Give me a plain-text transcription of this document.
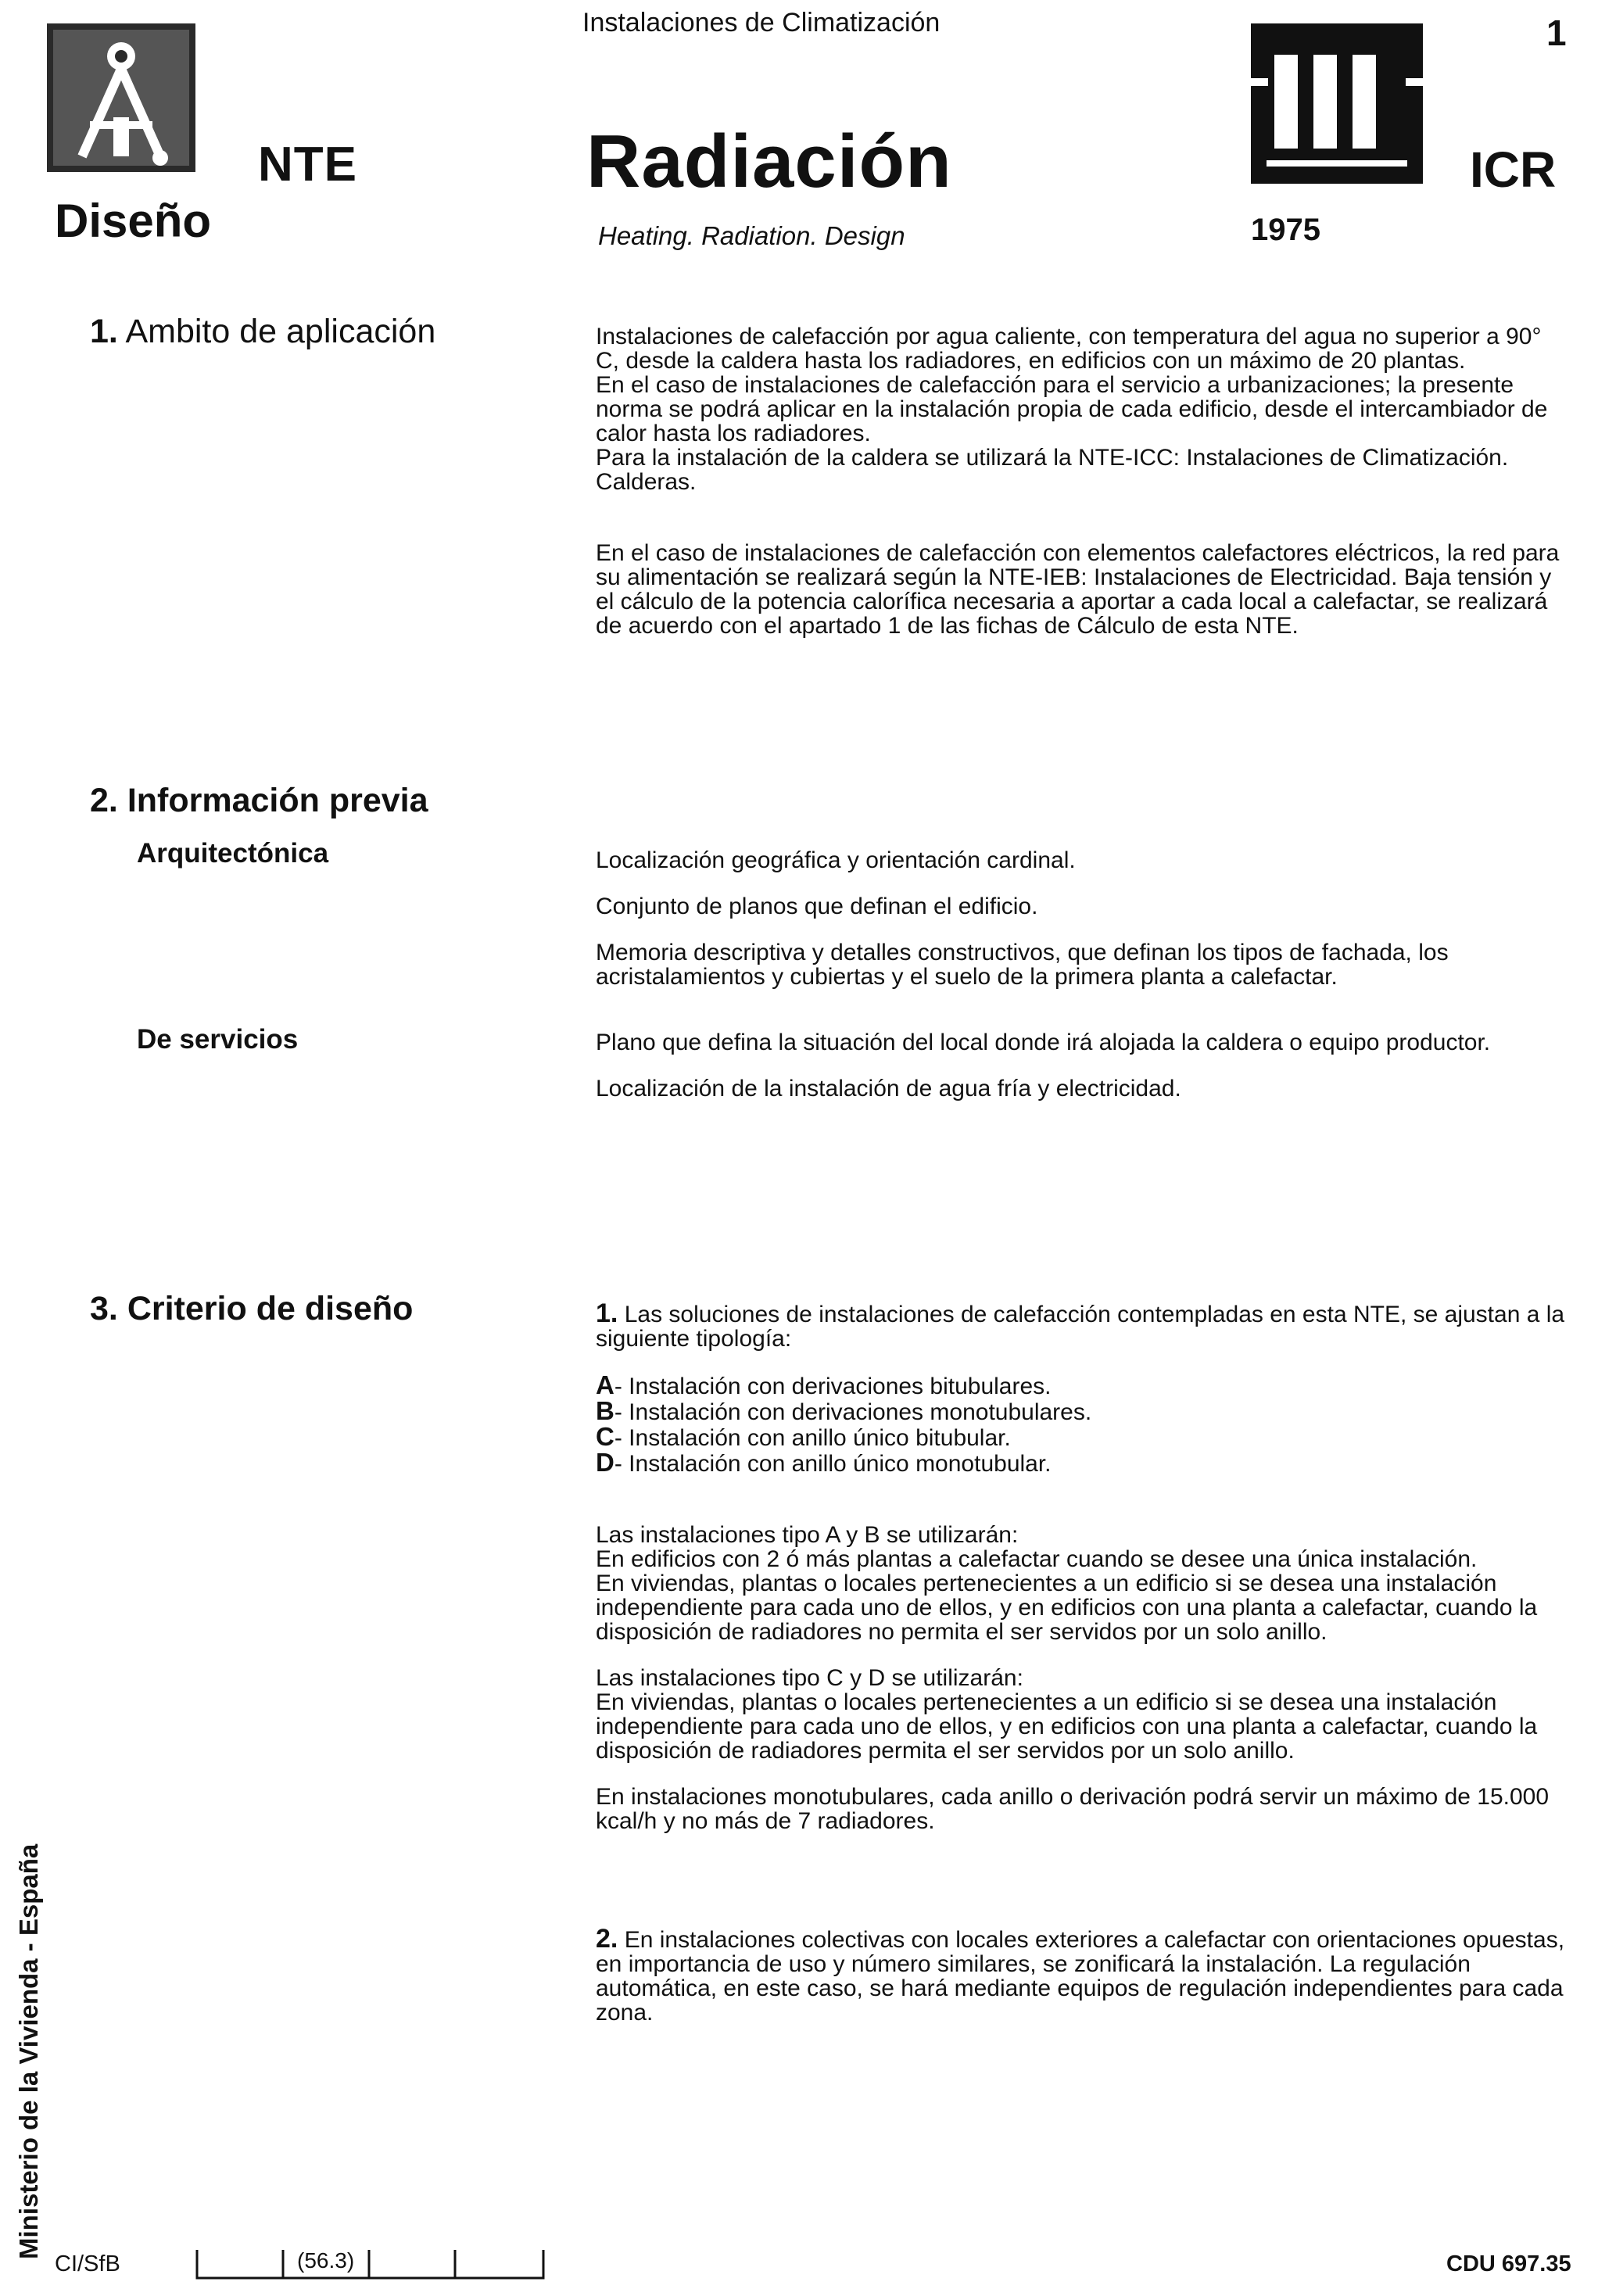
NTE
Diseño
Instalaciones de Climatización
Radiación
Heating. Radiation. Design
1
ICR
1975
1. Ambito de aplicación	Instalaciones de calefacción por agua caliente, con temperatura del agua no superior a 90° C, desde la caldera hasta los radiadores, en edificios con un máximo de 20 plantas.

En el caso de instalaciones de calefacción para el servicio a urbanizaciones; la presente norma se podrá aplicar en la instalación propia de cada edificio, desde el intercambiador de calor hasta los radiadores.

Para la instalación de la caldera se utilizará la NTE-ICC: Instalaciones de Climatización. Calderas.

En el caso de instalaciones de calefacción con elementos calefactores eléctricos, la red para su alimentación se realizará según la NTE-IEB: Instalaciones de Electricidad. Baja tensión y el cálculo de la potencia calorífica necesaria a aportar a cada local a calefactar, se realizará de acuerdo con el apartado 1 de las fichas de Cálculo de esta NTE.

2. Información previa
Arquitectónica	Localización geográfica y orientación cardinal.

Conjunto de planos que definan el edificio.

Memoria descriptiva y detalles constructivos, que definan los tipos de fachada, los acristalamientos y cubiertas y el suelo de la primera planta a calefactar.

De servicios	Plano que defina la situación del local donde irá alojada la caldera o equipo productor.

Localización de la instalación de agua fría y electricidad.

3. Criterio de diseño	1. Las soluciones de instalaciones de calefacción contempladas en esta NTE, se ajustan a la siguiente tipología:

A- Instalación con derivaciones bitubulares.

B- Instalación con derivaciones monotubulares.

C- Instalación con anillo único bitubular.

D- Instalación con anillo único monotubular.

Las instalaciones tipo A y B se utilizarán:

En edificios con 2 ó más plantas a calefactar cuando se desee una única instalación.

En viviendas, plantas o locales pertenecientes a un edificio si se desea una instalación independiente para cada uno de ellos, y en edificios con una planta a calefactar, cuando la disposición de radiadores no permita el ser servidos por un solo anillo.

Las instalaciones tipo C y D se utilizarán:

En viviendas, plantas o locales pertenecientes a un edificio si se desea una instalación independiente para cada uno de ellos, y en edificios con una planta a calefactar, cuando la disposición de radiadores permita el ser servidos por un solo anillo.

En instalaciones monotubulares, cada anillo o derivación podrá servir un máximo de 15.000 kcal/h y no más de 7 radiadores.

2. En instalaciones colectivas con locales exteriores a calefactar con orientaciones opuestas, en importancia de uso y número similares, se zonificará la instalación. La regulación automática, en este caso, se hará mediante equipos de regulación independientes para cada zona.

Ministerio de la Vivienda - España
CI/SfB	(56.3)	CDU 697.35
